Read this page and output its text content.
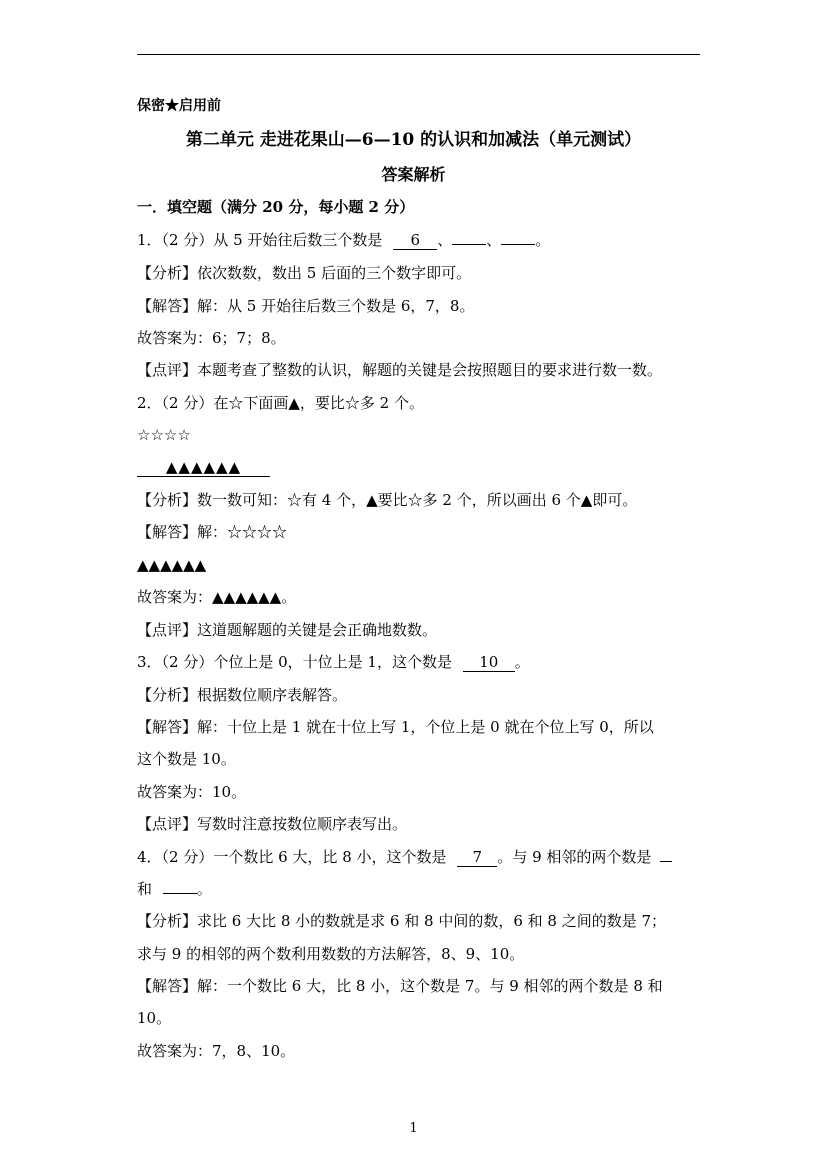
保密★启用前
第二单元 走进花果山—6—10 的认识和加减法（单元测试）
答案解析
一．填空题（满分 20 分，每小题 2 分）
1．（2 分）从 5 开始往后数三个数是 6 、 、 。
【分析】依次数数，数出 5 后面的三个数字即可。
【解答】解：从 5 开始往后数三个数是 6，7，8。
故答案为：6；7；8。
【点评】本题考查了整数的认识，解题的关键是会按照题目的要求进行数一数。
2．（2 分）在☆下面画▲，要比☆多 2 个。
☆☆☆☆
▲▲▲▲▲▲
【分析】数一数可知：☆有 4 个，▲要比☆多 2 个，所以画出 6 个▲即可。
【解答】解：☆☆☆☆
▲▲▲▲▲▲
故答案为：▲▲▲▲▲▲。
【点评】这道题解题的关键是会正确地数数。
3．（2 分）个位上是 0，十位上是 1，这个数是 10 。
【分析】根据数位顺序表解答。
【解答】解：十位上是 1 就在十位上写 1，个位上是 0 就在个位上写 0，所以
这个数是 10。
故答案为：10。
【点评】写数时注意按数位顺序表写出。
4．（2 分）一个数比 6 大，比 8 小，这个数是 7 。与 9 相邻的两个数是
和	。
【分析】求比 6 大比 8 小的数就是求 6 和 8 中间的数，6 和 8 之间的数是 7；
求与 9 的相邻的两个数利用数数的方法解答，8、9、10。
【解答】解：一个数比 6 大，比 8 小，这个数是 7。与 9 相邻的两个数是 8 和
10。
故答案为：7，8、10。
1
